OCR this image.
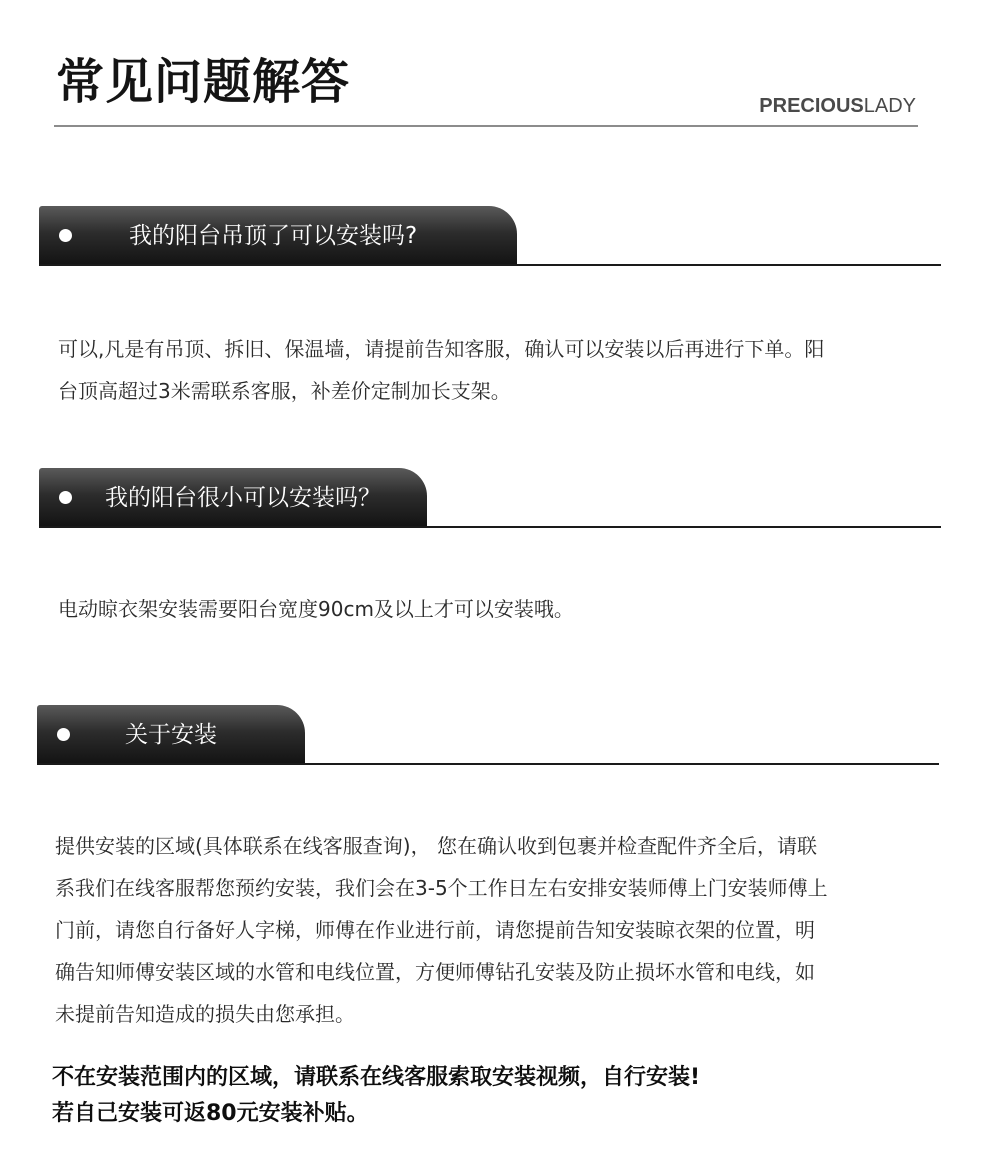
常见问题解答	PRECIOUSLADY
我的阳台吊顶了可以安装吗?
可以,凡是有吊顶、拆旧、保温墙，请提前告知客服，确认可以安装以后再进行下单。阳
台顶高超过3米需联系客服，补差价定制加长支架。
我的阳台很小可以安装吗？
电动晾衣架安装需要阳台宽度90cm及以上才可以安装哦。
关于安装
提供安装的区域(具体联系在线客服查询)， 您在确认收到包裹并检查配件齐全后，请联
系我们在线客服帮您预约安装，我们会在3-5个工作日左右安排安装师傅上门安装师傅上
门前，请您自行备好人字梯，师傅在作业进行前，请您提前告知安装晾衣架的位置，明
确告知师傅安装区域的水管和电线位置，方便师傅钻孔安装及防止损坏水管和电线，如
未提前告知造成的损失由您承担。
不在安装范围内的区域，请联系在线客服索取安装视频，自行安装!
若自己安装可返80元安装补贴。
